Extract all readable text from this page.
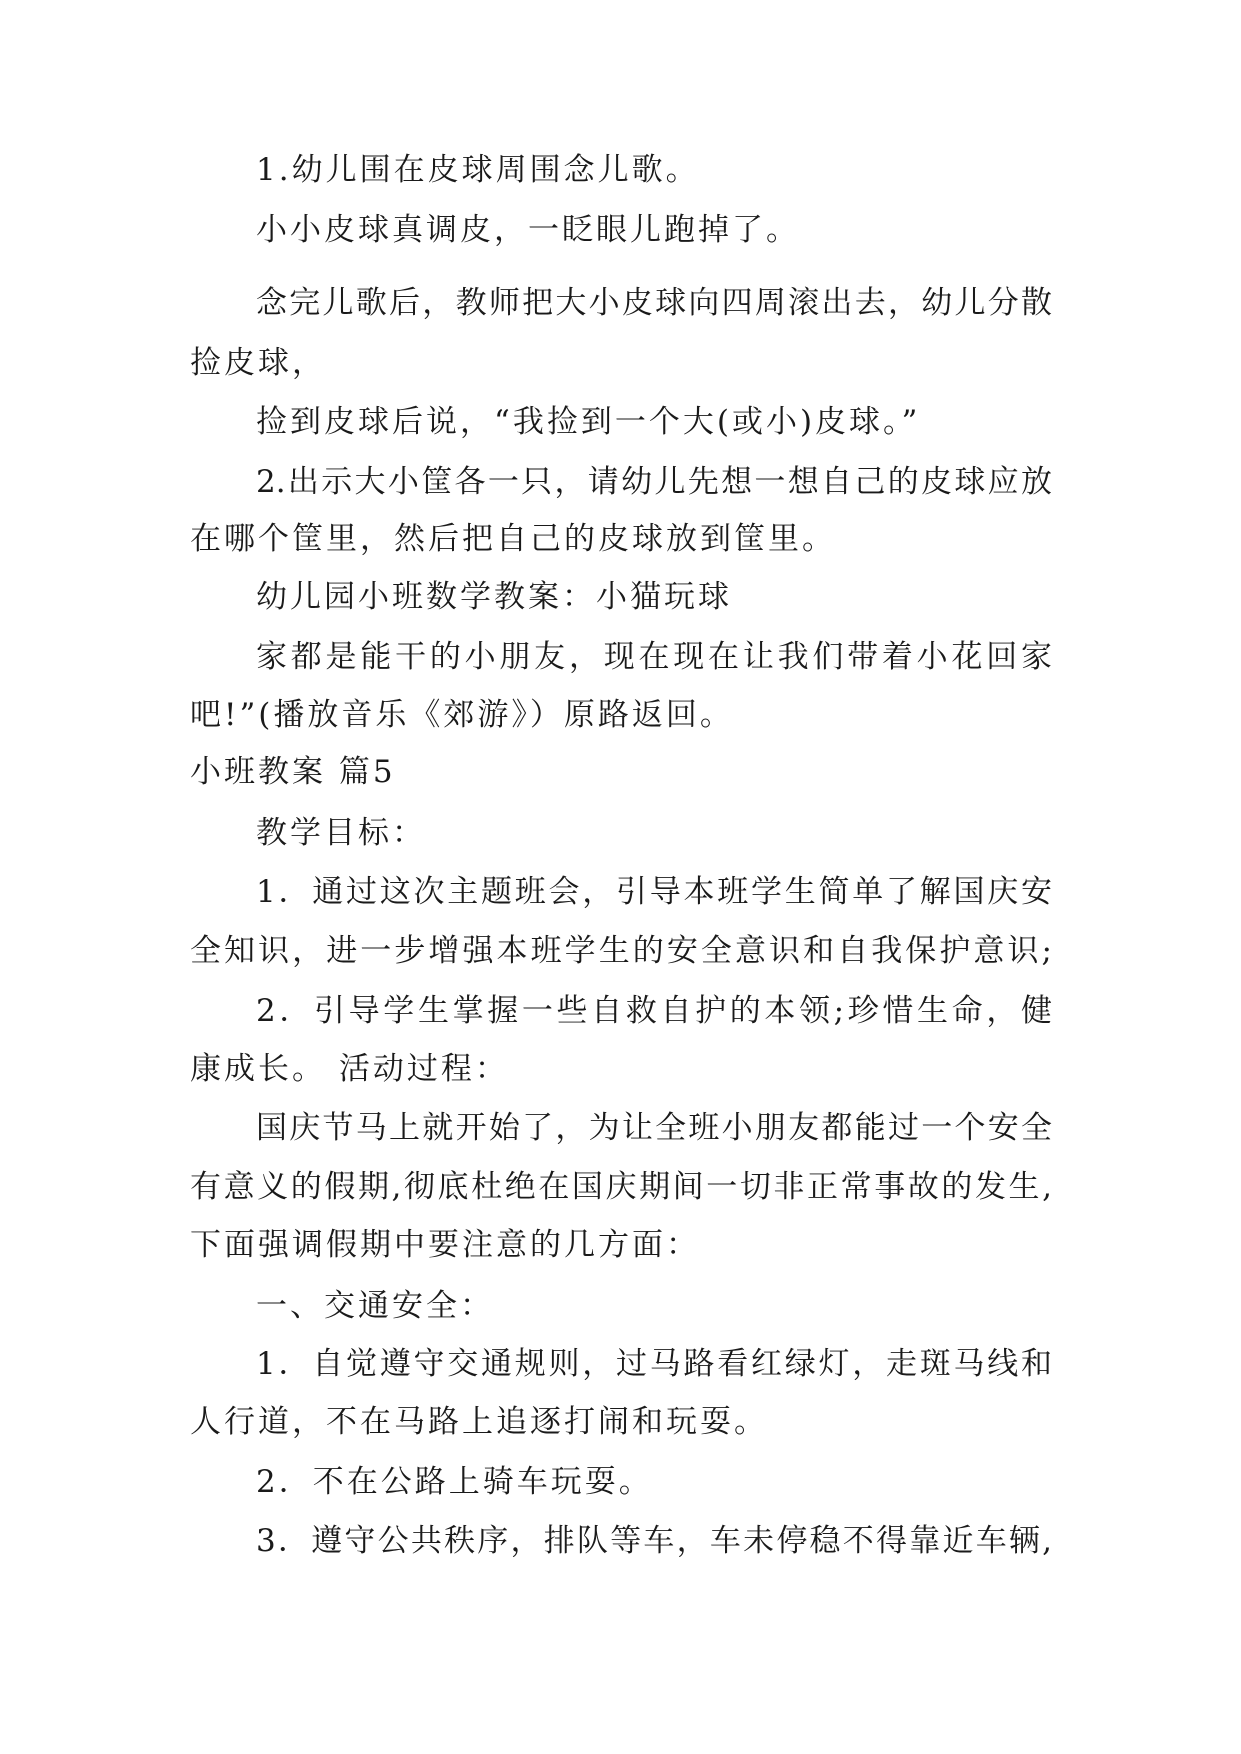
1.幼儿围在皮球周围念儿歌。
小小皮球真调皮，一眨眼儿跑掉了。
念完儿歌后，教师把大小皮球向四周滚出去，幼儿分散
捡皮球，
捡到皮球后说，“我捡到一个大(或小)皮球。”
2.出示大小筐各一只，请幼儿先想一想自己的皮球应放
在哪个筐里，然后把自己的皮球放到筐里。
幼儿园小班数学教案：小猫玩球
家都是能干的小朋友，现在现在让我们带着小花回家
吧!”(播放音乐《郊游》）原路返回。
小班教案 篇5
教学目标：
1．通过这次主题班会，引导本班学生简单了解国庆安
全知识，进一步增强本班学生的安全意识和自我保护意识;
2．引导学生掌握一些自救自护的本领;珍惜生命，健
康成长。 活动过程：
国庆节马上就开始了，为让全班小朋友都能过一个安全
有意义的假期,彻底杜绝在国庆期间一切非正常事故的发生,
下面强调假期中要注意的几方面：
一、交通安全：
1．自觉遵守交通规则，过马路看红绿灯，走斑马线和
人行道，不在马路上追逐打闹和玩耍。
2．不在公路上骑车玩耍。
3．遵守公共秩序，排队等车，车未停稳不得靠近车辆,
